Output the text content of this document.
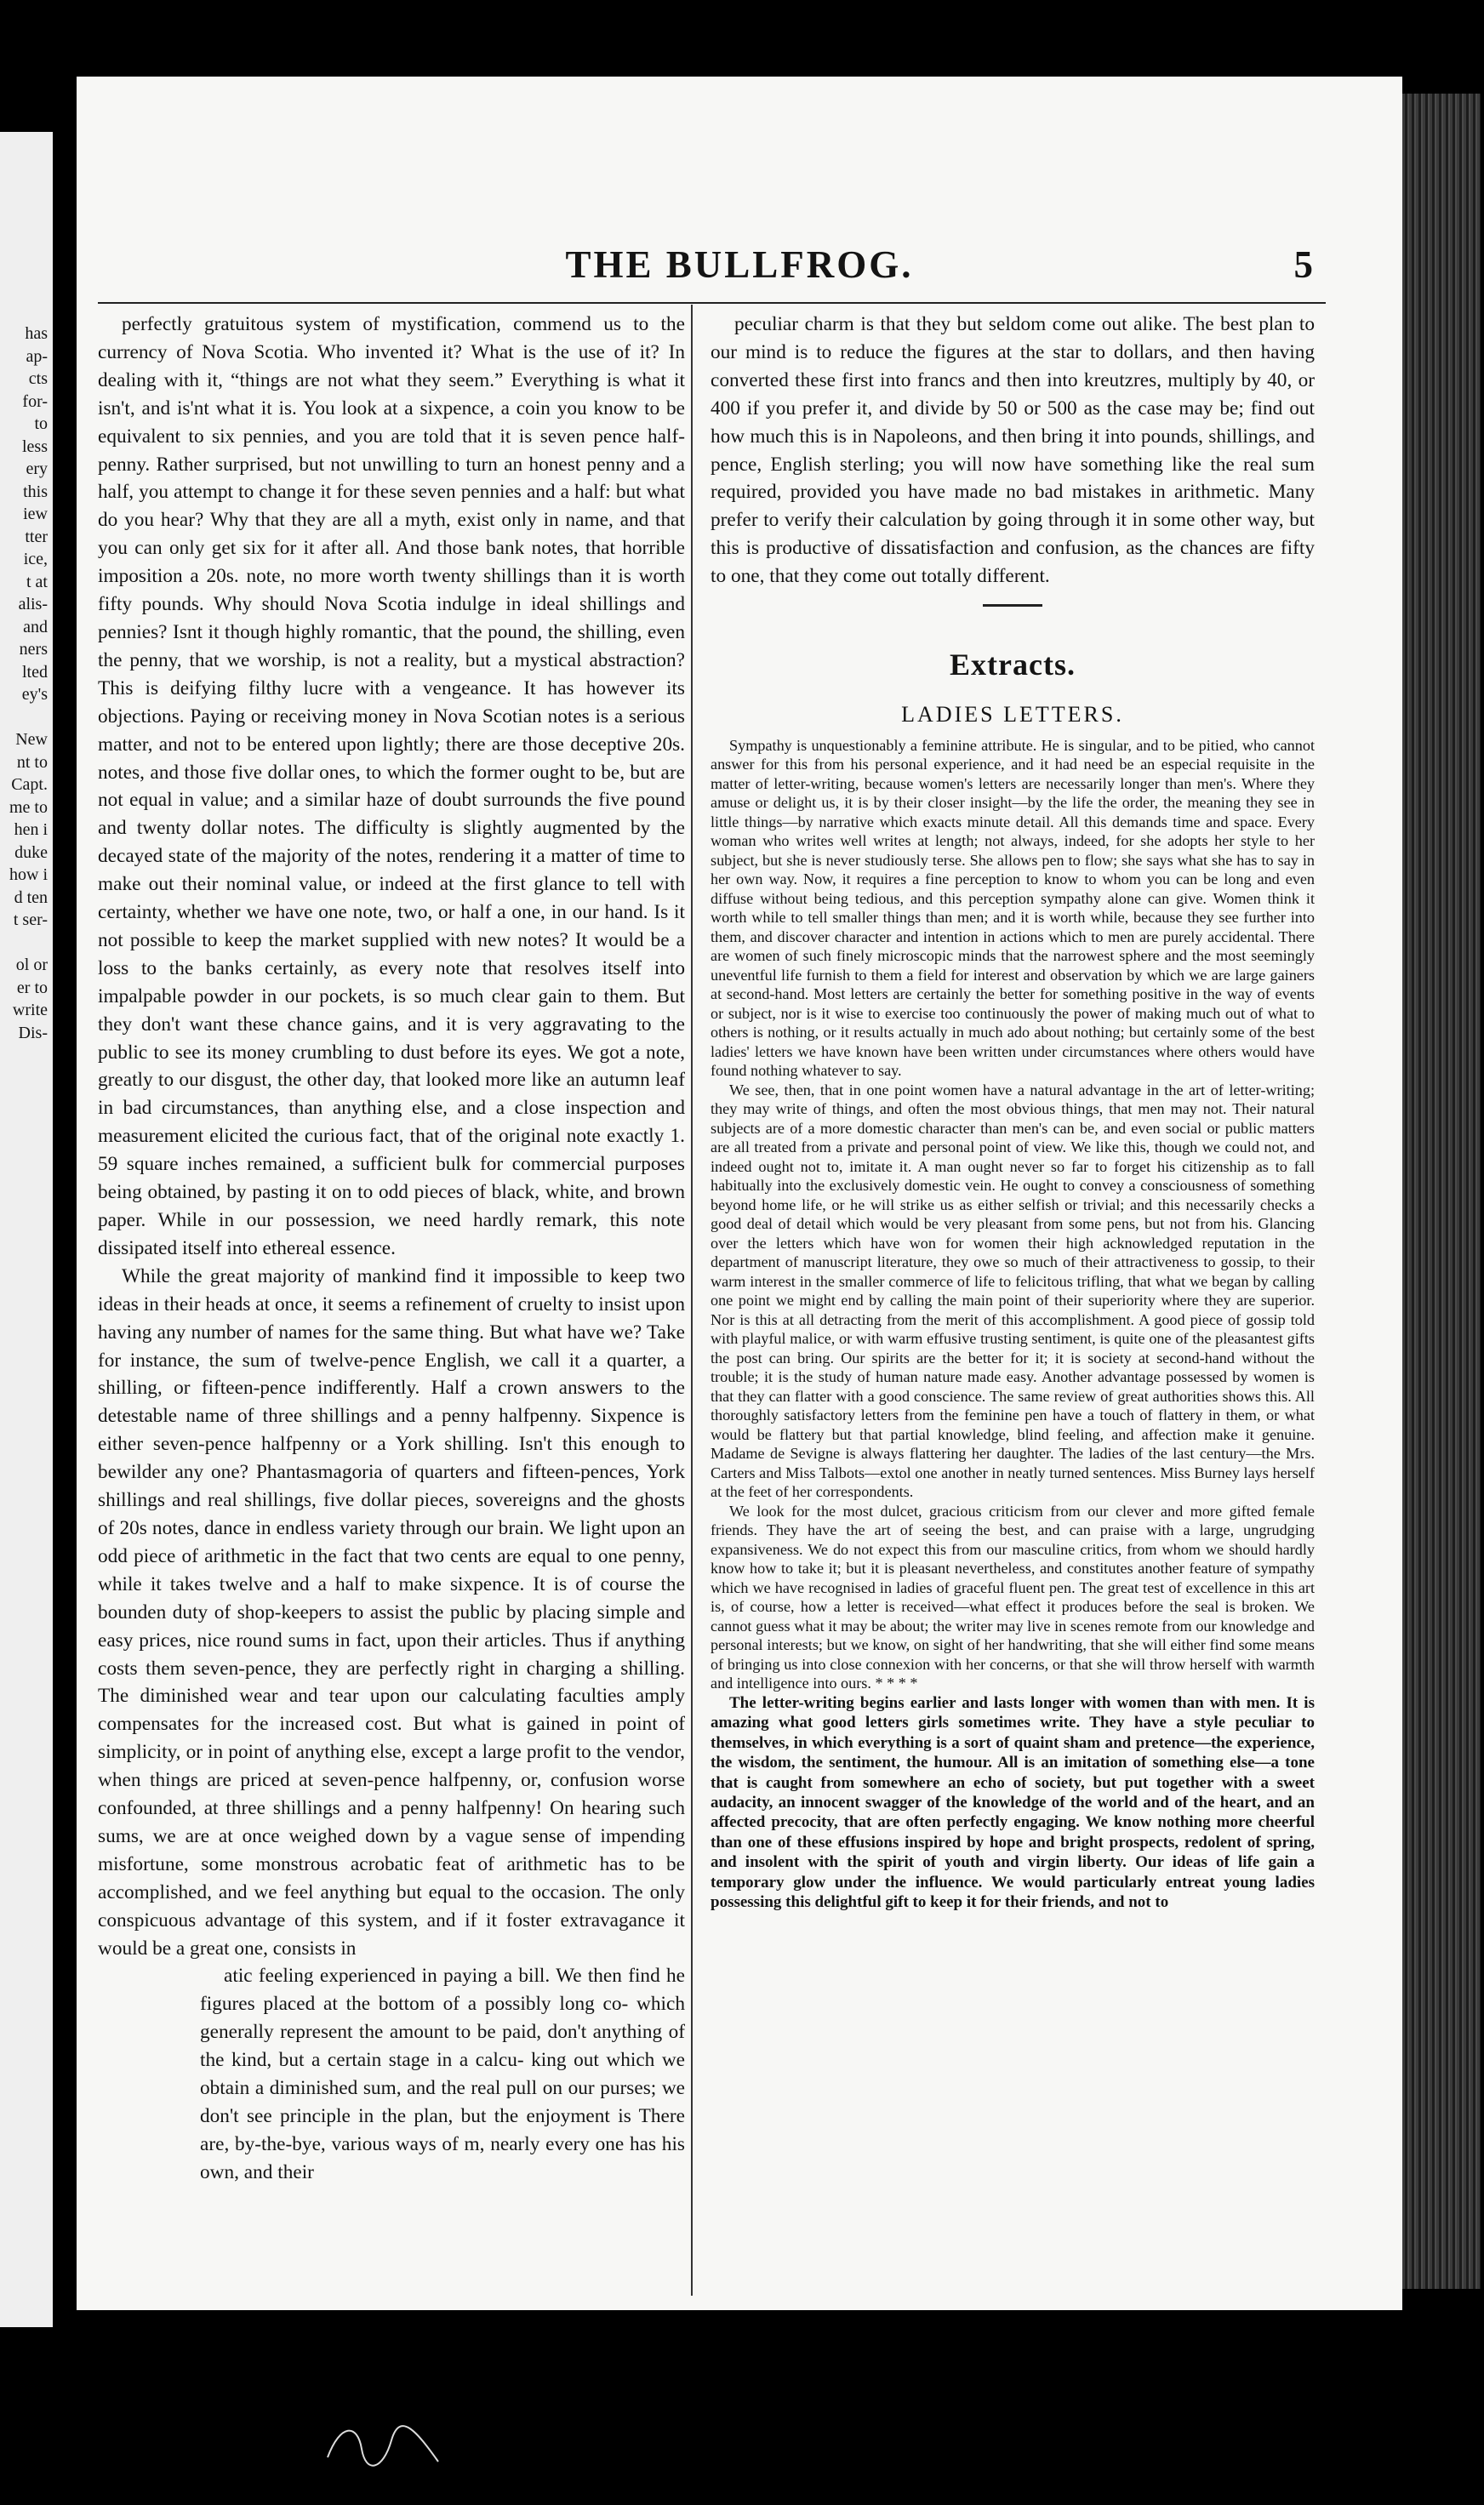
has
ap-
cts
for-
to
less
ery
this
iew
tter
ice,
t at
alis-
and
ners
lted
ey's
New
nt to
Capt.
me to
hen i
duke
how i
d ten
t ser-
ol or
er to
write
Dis-
THE BULLFROG.	5

perfectly gratuitous system of mystification, commend us to the currency of Nova Scotia. Who invented it? What is the use of it? In dealing with it, “things are not what they seem.” Everything is what it isn't, and is'nt what it is. You look at a sixpence, a coin you know to be equivalent to six pennies, and you are told that it is seven pence half-penny. Rather surprised, but not unwilling to turn an honest penny and a half, you attempt to change it for these seven pennies and a half: but what do you hear? Why that they are all a myth, exist only in name, and that you can only get six for it after all. And those bank notes, that horrible imposition a 20s. note, no more worth twenty shillings than it is worth fifty pounds. Why should Nova Scotia indulge in ideal shillings and pennies? Isnt it though highly romantic, that the pound, the shilling, even the penny, that we worship, is not a reality, but a mystical abstraction? This is deifying filthy lucre with a vengeance. It has however its objections. Paying or receiving money in Nova Scotian notes is a serious matter, and not to be entered upon lightly; there are those deceptive 20s. notes, and those five dollar ones, to which the former ought to be, but are not equal in value; and a similar haze of doubt surrounds the five pound and twenty dollar notes. The difficulty is slightly augmented by the decayed state of the majority of the notes, rendering it a matter of time to make out their nominal value, or indeed at the first glance to tell with certainty, whether we have one note, two, or half a one, in our hand. Is it not possible to keep the market supplied with new notes? It would be a loss to the banks certainly, as every note that resolves itself into impalpable powder in our pockets, is so much clear gain to them. But they don't want these chance gains, and it is very aggravating to the public to see its money crumbling to dust before its eyes. We got a note, greatly to our disgust, the other day, that looked more like an autumn leaf in bad circumstances, than anything else, and a close inspection and measurement elicited the curious fact, that of the original note exactly 1. 59 square inches remained, a sufficient bulk for commercial purposes being obtained, by pasting it on to odd pieces of black, white, and brown paper. While in our possession, we need hardly remark, this note dissipated itself into ethereal essence.

While the great majority of mankind find it impossible to keep two ideas in their heads at once, it seems a refinement of cruelty to insist upon having any number of names for the same thing. But what have we? Take for instance, the sum of twelve-pence English, we call it a quarter, a shilling, or fifteen-pence indifferently. Half a crown answers to the detestable name of three shillings and a penny halfpenny. Sixpence is either seven-pence halfpenny or a York shilling. Isn't this enough to bewilder any one? Phantasmagoria of quarters and fifteen-pences, York shillings and real shillings, five dollar pieces, sovereigns and the ghosts of 20s notes, dance in endless variety through our brain. We light upon an odd piece of arithmetic in the fact that two cents are equal to one penny, while it takes twelve and a half to make sixpence. It is of course the bounden duty of shop-keepers to assist the public by placing simple and easy prices, nice round sums in fact, upon their articles. Thus if anything costs them seven-pence, they are perfectly right in charging a shilling. The diminished wear and tear upon our calculating faculties amply compensates for the increased cost. But what is gained in point of simplicity, or in point of anything else, except a large profit to the vendor, when things are priced at seven-pence halfpenny, or, confusion worse confounded, at three shillings and a penny halfpenny! On hearing such sums, we are at once weighed down by a vague sense of impending misfortune, some monstrous acrobatic feat of arithmetic has to be accomplished, and we feel anything but equal to the occasion. The only conspicuous advantage of this system, and if it foster extravagance it would be a great one, consists in

atic feeling experienced in paying a bill. We then find he figures placed at the bottom of a possibly long co- which generally represent the amount to be paid, don't anything of the kind, but a certain stage in a calcu- king out which we obtain a diminished sum, and the real pull on our purses; we don't see principle in the plan, but the enjoyment is There are, by-the-bye, various ways of m, nearly every one has his own, and their

peculiar charm is that they but seldom come out alike. The best plan to our mind is to reduce the figures at the star to dollars, and then having converted these first into francs and then into kreutzres, multiply by 40, or 400 if you prefer it, and divide by 50 or 500 as the case may be; find out how much this is in Napoleons, and then bring it into pounds, shillings, and pence, English sterling; you will now have something like the real sum required, provided you have made no bad mistakes in arithmetic. Many prefer to verify their calculation by going through it in some other way, but this is productive of dissatisfaction and confusion, as the chances are fifty to one, that they come out totally different.

Extracts.
LADIES LETTERS.

Sympathy is unquestionably a feminine attribute. He is singular, and to be pitied, who cannot answer for this from his personal experience, and it had need be an especial requisite in the matter of letter-writing, because women's letters are necessarily longer than men's. Where they amuse or delight us, it is by their closer insight—by the life the order, the meaning they see in little things—by narrative which exacts minute detail. All this demands time and space. Every woman who writes well writes at length; not always, indeed, for she adopts her style to her subject, but she is never studiously terse. She allows pen to flow; she says what she has to say in her own way. Now, it requires a fine perception to know to whom you can be long and even diffuse without being tedious, and this perception sympathy alone can give. Women think it worth while to tell smaller things than men; and it is worth while, because they see further into them, and discover character and intention in actions which to men are purely accidental. There are women of such finely microscopic minds that the narrowest sphere and the most seemingly uneventful life furnish to them a field for interest and observation by which we are large gainers at second-hand. Most letters are certainly the better for something positive in the way of events or subject, nor is it wise to exercise too continuously the power of making much out of what to others is nothing, or it results actually in much ado about nothing; but certainly some of the best ladies' letters we have known have been written under circumstances where others would have found nothing whatever to say.

We see, then, that in one point women have a natural advantage in the art of letter-writing; they may write of things, and often the most obvious things, that men may not. Their natural subjects are of a more domestic character than men's can be, and even social or public matters are all treated from a private and personal point of view. We like this, though we could not, and indeed ought not to, imitate it. A man ought never so far to forget his citizenship as to fall habitually into the exclusively domestic vein. He ought to convey a consciousness of something beyond home life, or he will strike us as either selfish or trivial; and this necessarily checks a good deal of detail which would be very pleasant from some pens, but not from his. Glancing over the letters which have won for women their high acknowledged reputation in the department of manuscript literature, they owe so much of their attractiveness to gossip, to their warm interest in the smaller commerce of life to felicitous trifling, that what we began by calling one point we might end by calling the main point of their superiority where they are superior. Nor is this at all detracting from the merit of this accomplishment. A good piece of gossip told with playful malice, or with warm effusive trusting sentiment, is quite one of the pleasantest gifts the post can bring. Our spirits are the better for it; it is society at second-hand without the trouble; it is the study of human nature made easy. Another advantage possessed by women is that they can flatter with a good conscience. The same review of great authorities shows this. All thoroughly satisfactory letters from the feminine pen have a touch of flattery in them, or what would be flattery but that partial knowledge, blind feeling, and affection make it genuine. Madame de Sevigne is always flattering her daughter. The ladies of the last century—the Mrs. Carters and Miss Talbots—extol one another in neatly turned sentences. Miss Burney lays herself at the feet of her correspondents.

We look for the most dulcet, gracious criticism from our clever and more gifted female friends. They have the art of seeing the best, and can praise with a large, ungrudging expansiveness. We do not expect this from our masculine critics, from whom we should hardly know how to take it; but it is pleasant nevertheless, and constitutes another feature of sympathy which we have recognised in ladies of graceful fluent pen. The great test of excellence in this art is, of course, how a letter is received—what effect it produces before the seal is broken. We cannot guess what it may be about; the writer may live in scenes remote from our knowledge and personal interests; but we know, on sight of her handwriting, that she will either find some means of bringing us into close connexion with her concerns, or that she will throw herself with warmth and intelligence into ours. * * * *

The letter-writing begins earlier and lasts longer with women than with men. It is amazing what good letters girls sometimes write. They have a style peculiar to themselves, in which everything is a sort of quaint sham and pretence—the experience, the wisdom, the sentiment, the humour. All is an imitation of something else—a tone that is caught from somewhere an echo of society, but put together with a sweet audacity, an innocent swagger of the knowledge of the world and of the heart, and an affected precocity, that are often perfectly engaging. We know nothing more cheerful than one of these effusions inspired by hope and bright prospects, redolent of spring, and insolent with the spirit of youth and virgin liberty. Our ideas of life gain a temporary glow under the influence. We would particularly entreat young ladies possessing this delightful gift to keep it for their friends, and not to
